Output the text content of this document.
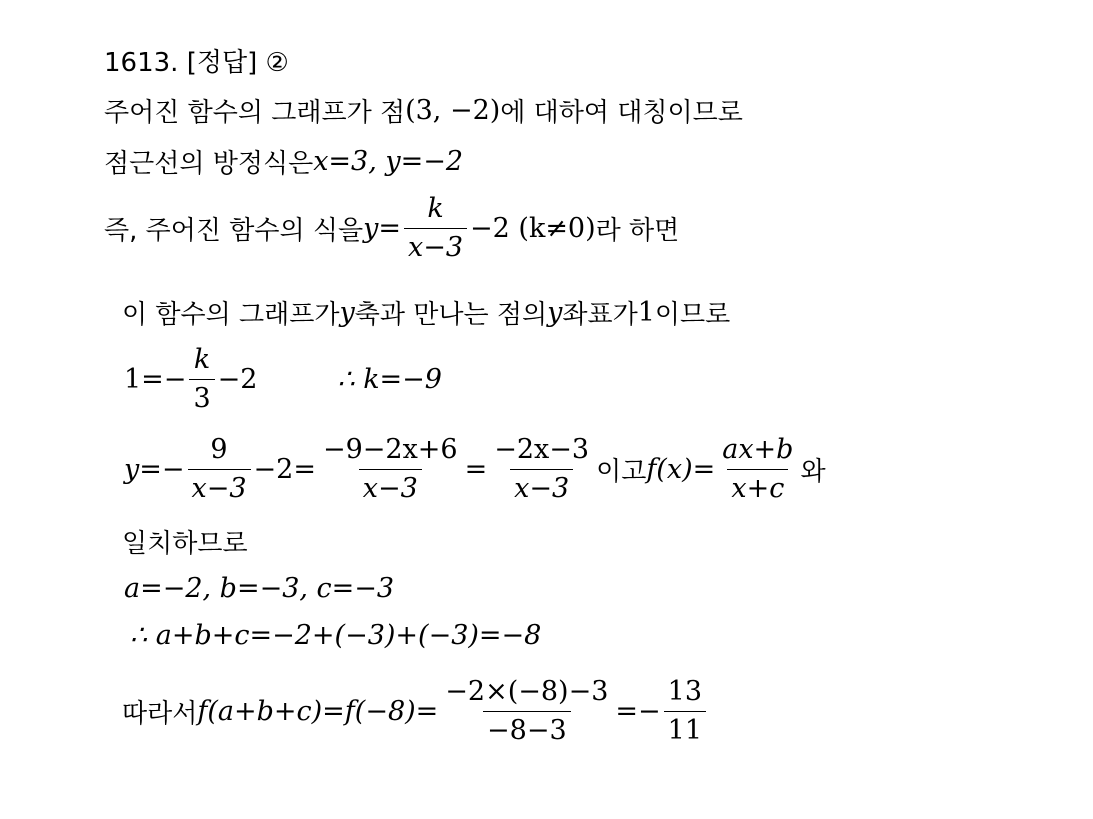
1613. [정답] ②
주어진 함수의 그래프가 점 (3, −2) 에 대하여 대칭이므로
점근선의 방정식은 x=3, y=−2
즉, 주어진 함수의 식을 $y= \frac{k}{x-3} -2$ (k≠0) 라 하면
이 함수의 그래프가 y 축과 만나는 점의 y 좌표가 1 이므로
$1=- \frac{k}{3} -2$	∴ k=−9
$y=- \frac{9}{x-3} -2= \frac{-9-2x+6}{x-3} = \frac{-2x-3}{x-3}$ 이고 $f(x)= \frac{ax+b}{x+c}$ 와
일치하므로
a=−2, b=−3, c=−3
∴ a+b+c=−2+(−3)+(−3)=−8
따라서 $f(a+b+c)=f(-8)= \frac{-2\times(-8)-3}{-8-3} =- \frac{13}{11}$
